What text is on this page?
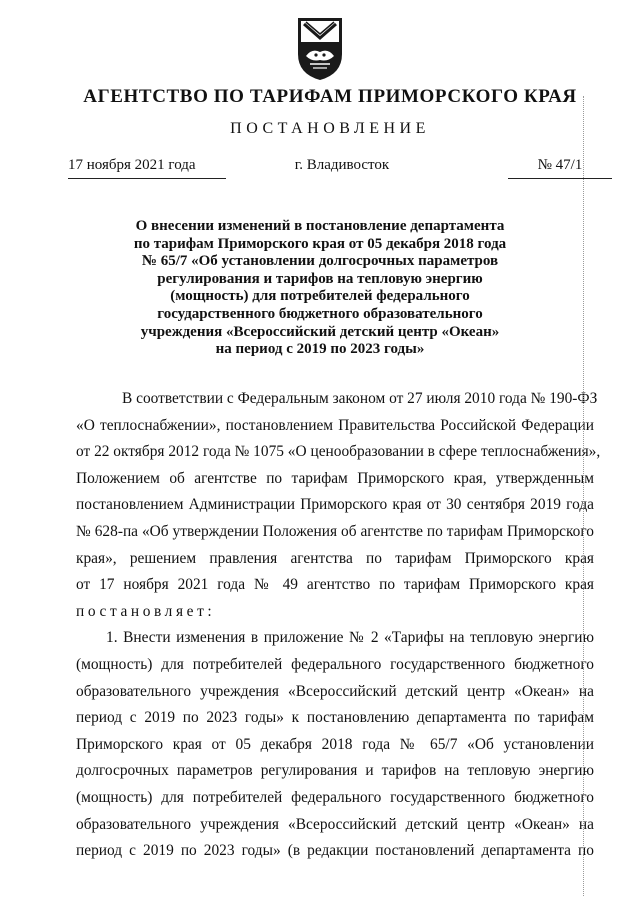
АГЕНТСТВО ПО ТАРИФАМ ПРИМОРСКОГО КРАЯ
ПОСТАНОВЛЕНИЕ
17 ноября 2021 года	г. Владивосток	№ 47/1
О внесении изменений в постановление департамента
по тарифам Приморского края от 05 декабря 2018 года
№ 65/7 «Об установлении долгосрочных параметров
регулирования и тарифов на тепловую энергию
(мощность) для потребителей федерального
государственного бюджетного образовательного
учреждения «Всероссийский детский центр «Океан»
на период с 2019 по 2023 годы»
В соответствии с Федеральным законом от 27 июля 2010 года № 190-ФЗ
«О теплоснабжении», постановлением Правительства Российской Федерации
от 22 октября 2012 года № 1075 «О ценообразовании в сфере теплоснабжения»,
Положением об агентстве по тарифам Приморского края, утвержденным
постановлением Администрации Приморского края от 30 сентября 2019 года
№ 628-па «Об утверждении Положения об агентстве по тарифам Приморского
края», решением правления агентства по тарифам Приморского края
от 17 ноября 2021 года № 49 агентство по тарифам Приморского края
постановляет:
1. Внести изменения в приложение № 2 «Тарифы на тепловую энергию
(мощность) для потребителей федерального государственного бюджетного
образовательного учреждения «Всероссийский детский центр «Океан» на
период с 2019 по 2023 годы» к постановлению департамента по тарифам
Приморского края от 05 декабря 2018 года № 65/7 «Об установлении
долгосрочных параметров регулирования и тарифов на тепловую энергию
(мощность) для потребителей федерального государственного бюджетного
образовательного учреждения «Всероссийский детский центр «Океан» на
период с 2019 по 2023 годы» (в редакции постановлений департамента по
